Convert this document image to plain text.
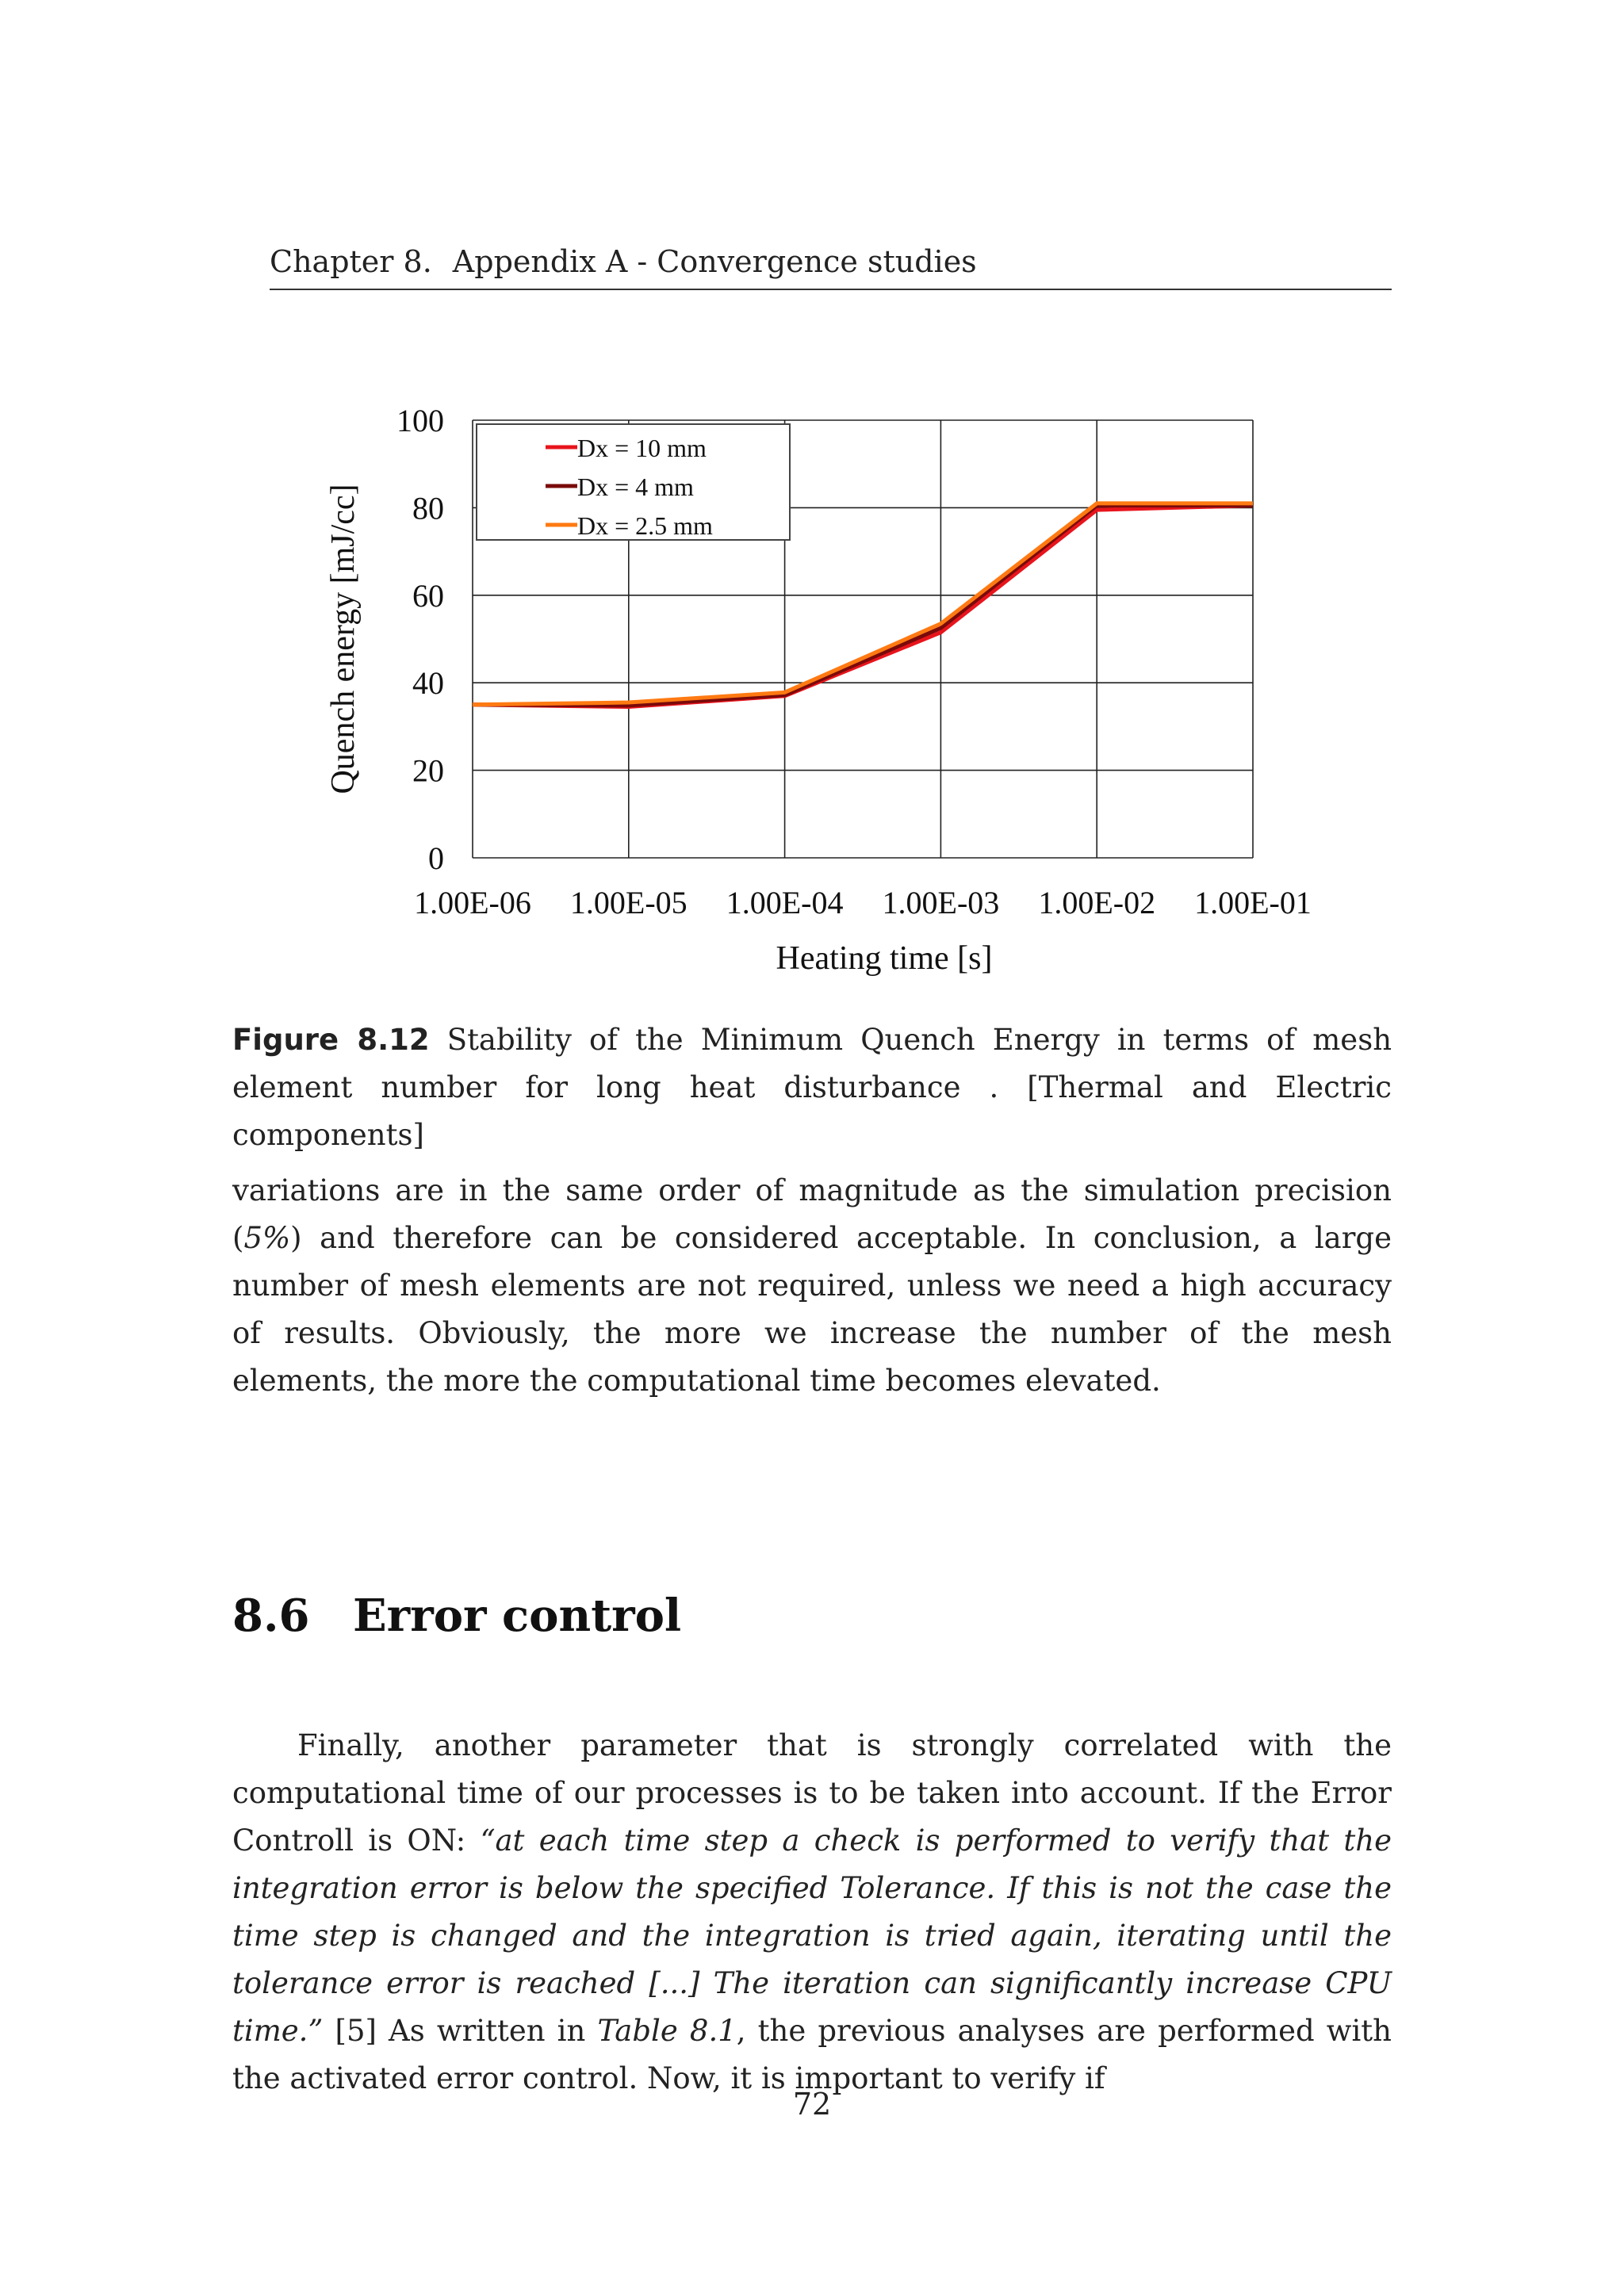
Chapter 8. Appendix A - Convergence studies
Dx = 10 mm
Dx = 4 mm
Dx = 2.5 mm
0
20
40
60
80
100
1.00E-06 1.00E-05 1.00E-04 1.00E-03 1.00E-02 1.00E-01
Heating time [s]
Quench energy [mJ/cc]
Figure 8.12 Stability of the Minimum Quench Energy in terms of mesh element number for long heat disturbance . [Thermal and Electric components]

variations are in the same order of magnitude as the simulation precision (5%) and therefore can be considered acceptable. In conclusion, a large number of mesh elements are not required, unless we need a high accuracy of results. Obviously, the more we increase the number of the mesh elements, the more the computational time becomes elevated.

8.6 Error control

Finally, another parameter that is strongly correlated with the computational time of our processes is to be taken into account. If the Error Controll is ON: “at each time step a check is performed to verify that the integration error is below the specified Tolerance. If this is not the case the time step is changed and the integration is tried again, iterating until the tolerance error is reached [...] The iteration can significantly increase CPU time.” [5] As written in Table 8.1, the previous analyses are performed with the activated error control. Now, it is important to verify if

72
